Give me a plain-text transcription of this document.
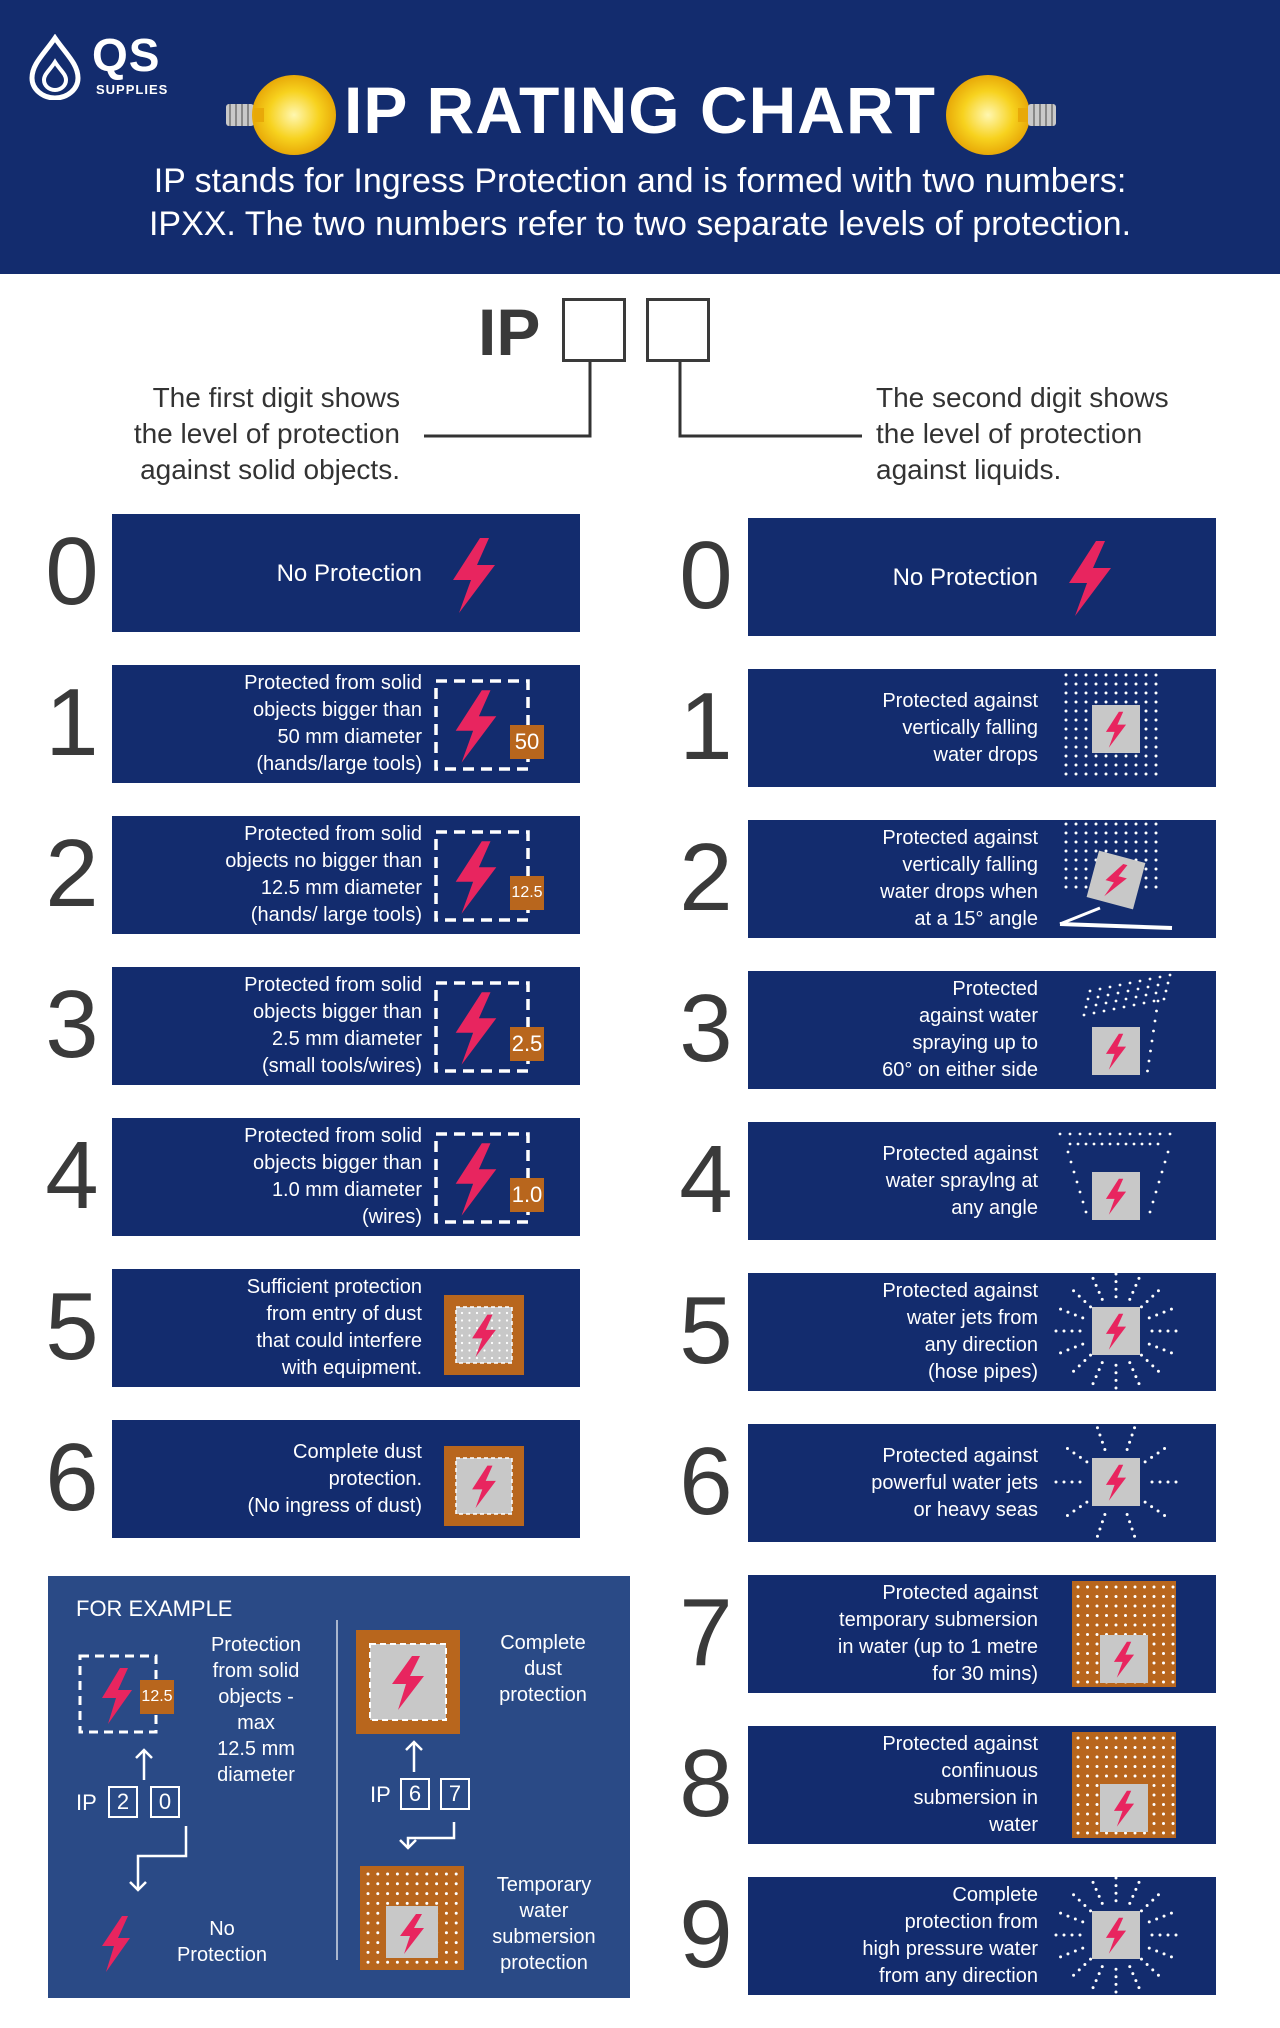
QS
SUPPLIES	IP RATING CHART
IP stands for Ingress Protection and is formed with two numbers:
IPXX. The two numbers refer to two separate levels of protection.
IP
The first digit shows
the level of protection
against solid objects.
The second digit shows
the level of protection
against liquids.
0	No Protection
1	Protected from solid
objects bigger than
50 mm diameter
(hands/large tools)
50
2	Protected from solid
objects no bigger than
12.5 mm diameter
(hands/ large tools)
12.5
3	Protected from solid
objects bigger than
2.5 mm diameter
(small tools/wires)
2.5
4	Protected from solid
objects bigger than
1.0 mm diameter
(wires)
1.0
5	Sufficient protection
from entry of dust
that could interfere
with equipment.
6	Complete dust
protection.
(No ingress of dust)
0	No Protection
1	Protected against
vertically falling
water drops
2	Protected against
vertically falling
water drops when
at a 15° angle
3	Protected
against water
spraying up to
60° on either side
4	Protected against
water spraylng at
any angle
5	Protected against
water jets from
any direction
(hose pipes)
6	Protected against
powerful water jets
or heavy seas
7	Protected against
temporary submersion
in water (up to 1 metre
for 30 mins)
8	Protected against
confinuous
submersion in
water
9	Complete
protection from
high pressure water
from any direction
FOR EXAMPLE
12.5
Protection
from solid
objects - max
12.5 mm
diameter
IP 2	0
No
Protection
Complete
dust
protection
IP 6	7
Temporary
water
submersion
protection
